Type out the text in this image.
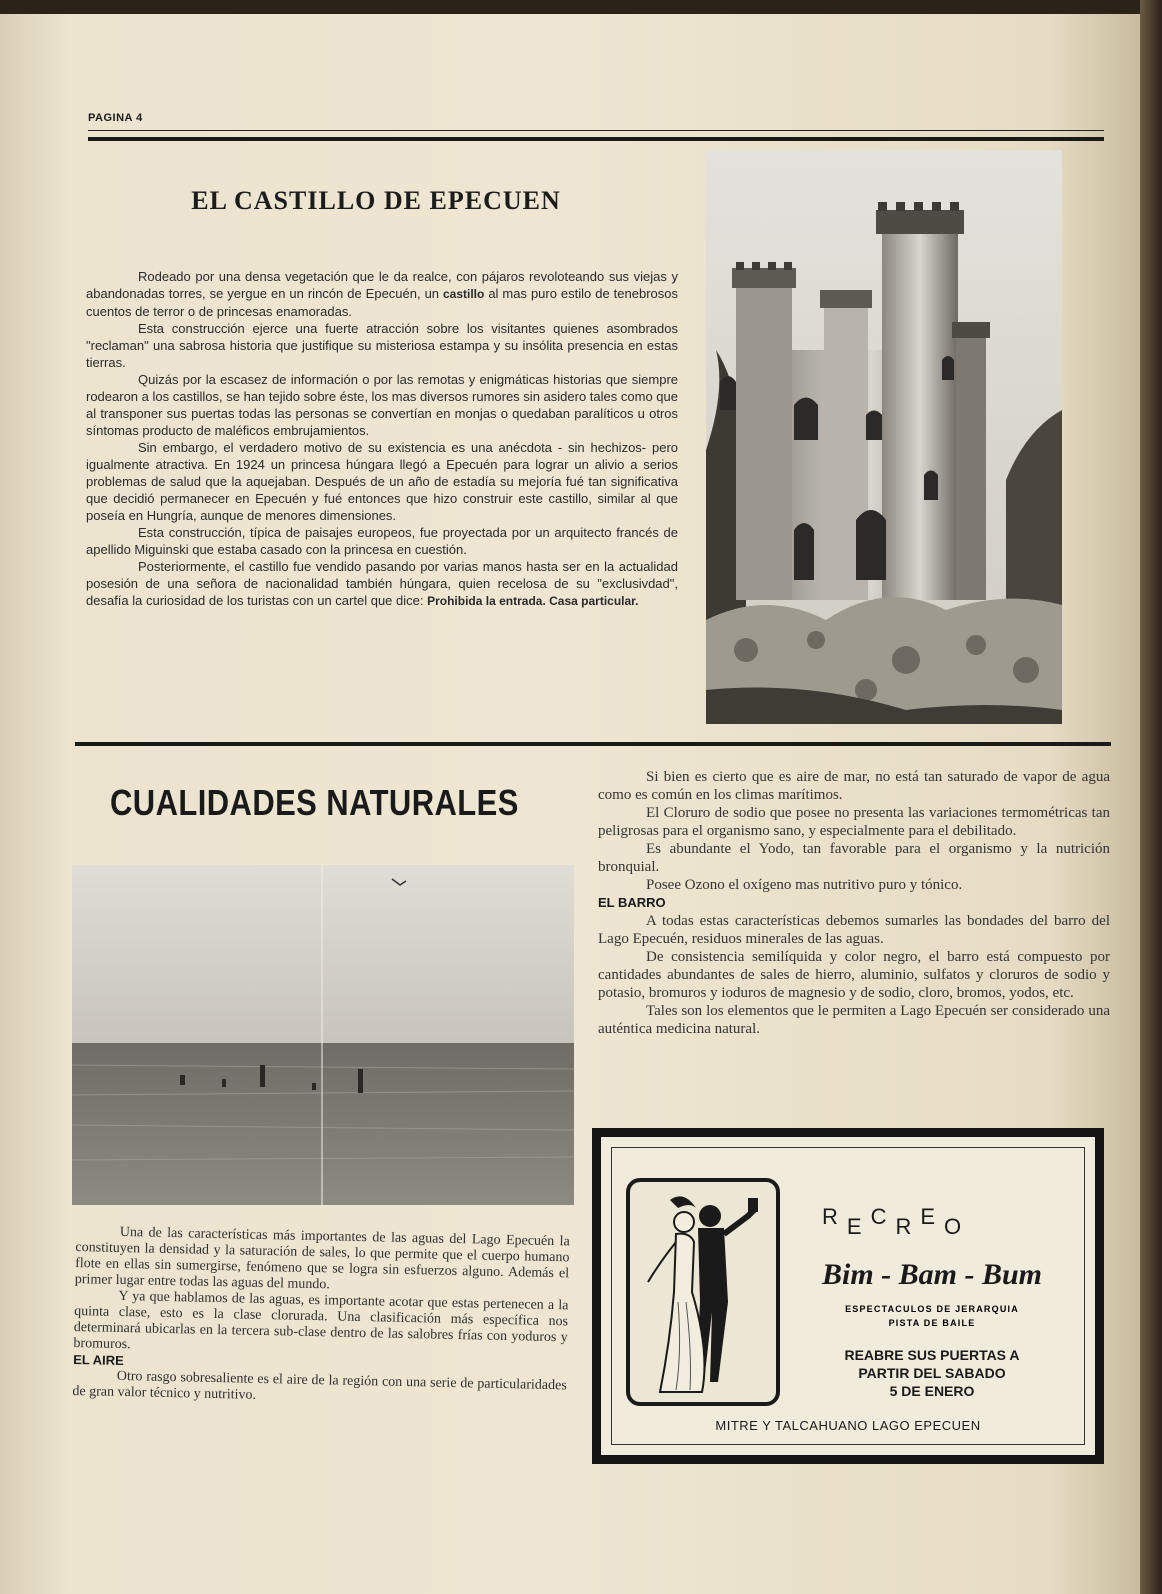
PAGINA 4
EL CASTILLO DE EPECUEN

Rodeado por una densa vegetación que le da realce, con pájaros revoloteando sus viejas y abandonadas torres, se yergue en un rincón de Epecuén, un castillo al mas puro estilo de tenebrosos cuentos de terror o de princesas enamoradas.

Esta construcción ejerce una fuerte atracción sobre los visitantes quienes asombrados "reclaman" una sabrosa historia que justifique su misteriosa estampa y su insólita presencia en estas tierras.

Quizás por la escasez de información o por las remotas y enigmáticas historias que siempre rodearon a los castillos, se han tejido sobre éste, los mas diversos rumores sin asidero tales como que al transponer sus puertas todas las personas se convertían en monjas o quedaban paralíticos u otros síntomas producto de maléficos embrujamientos.

Sin embargo, el verdadero motivo de su existencia es una anécdota - sin hechizos- pero igualmente atractiva. En 1924 un princesa húngara llegó a Epecuén para lograr un alivio a serios problemas de salud que la aquejaban. Después de un año de estadía su mejoría fué tan significativa que decidió permanecer en Epecuén y fué entonces que hizo construir este castillo, similar al que poseía en Hungría, aunque de menores dimensiones.

Esta construcción, típica de paisajes europeos, fue proyectada por un arquitecto francés de apellido Miguinski que estaba casado con la princesa en cuestión.

Posteriormente, el castillo fue vendido pasando por varias manos hasta ser en la actualidad posesión de una señora de nacionalidad también húngara, quien recelosa de su "exclusivdad", desafía la curiosidad de los turistas con un cartel que dice: Prohibida la entrada. Casa particular.

CUALIDADES NATURALES

Una de las características más importantes de las aguas del Lago Epecuén la constituyen la densidad y la saturación de sales, lo que permite que el cuerpo humano flote en ellas sin sumergirse, fenómeno que se logra sin esfuerzos alguno. Además el primer lugar entre todas las aguas del mundo.

Y ya que hablamos de las aguas, es importante acotar que estas pertenecen a la quinta clase, esto es la clase clorurada. Una clasificación más específica nos determinará ubicarlas en la tercera sub-clase dentro de las salobres frías con yoduros y bromuros.

EL AIRE

Otro rasgo sobresaliente es el aire de la región con una serie de particularidades de gran valor técnico y nutritivo.

Si bien es cierto que es aire de mar, no está tan saturado de vapor de agua como es común en los climas marítimos.

El Cloruro de sodio que posee no presenta las variaciones termométricas tan peligrosas para el organismo sano, y especialmente para el debilitado.

Es abundante el Yodo, tan favorable para el organismo y la nutrición bronquial.

Posee Ozono el oxígeno mas nutritivo puro y tónico.

EL BARRO

A todas estas características debemos sumarles las bondades del barro del Lago Epecuén, residuos minerales de las aguas.

De consistencia semilíquida y color negro, el barro está compuesto por cantidades abundantes de sales de hierro, aluminio, sulfatos y cloruros de sodio y potasio, bromuros y ioduros de magnesio y de sodio, cloro, bromos, yodos, etc.

Tales son los elementos que le permiten a Lago Epecuén ser considerado una auténtica medicina natural.

R E C R E O
Bim - Bam - Bum
ESPECTACULOS DE JERARQUIA
PISTA DE BAILE
REABRE SUS PUERTAS A
PARTIR DEL SABADO
5 DE ENERO
MITRE Y TALCAHUANO LAGO EPECUEN
